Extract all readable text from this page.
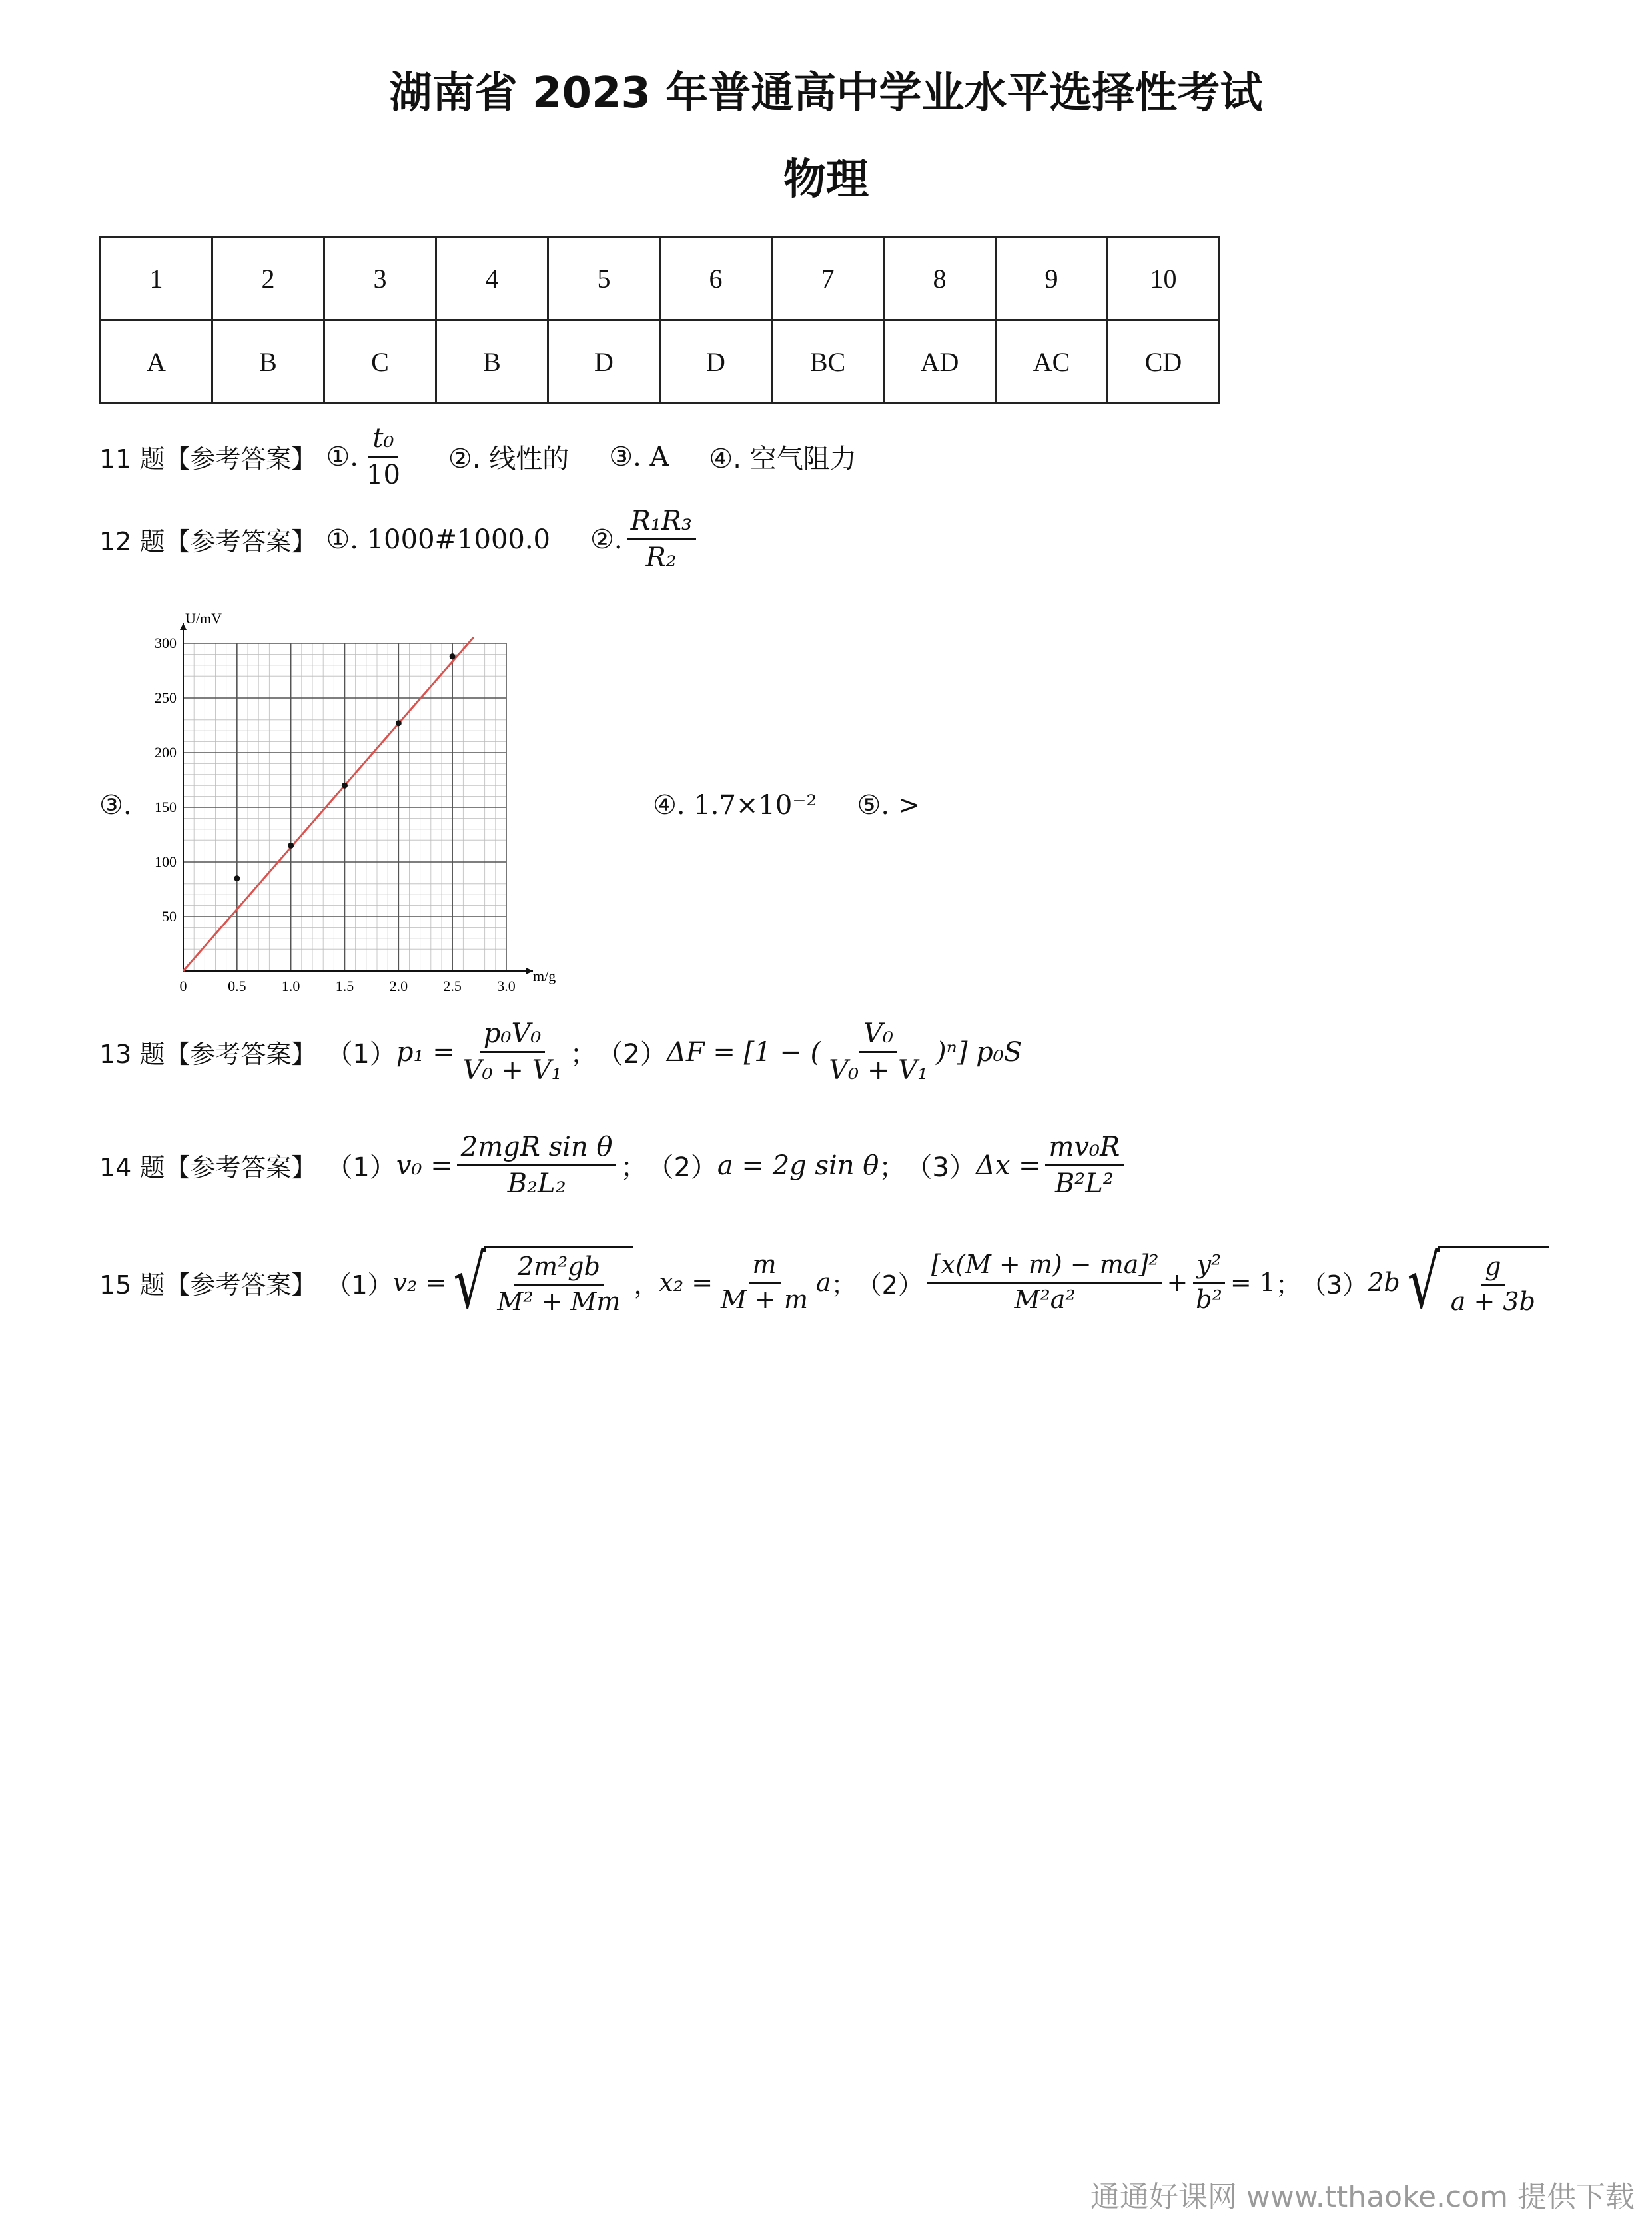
湖南省 2023 年普通高中学业水平选择性考试
物理
1	2	3	4	5	6	7	8	9	10
A	B	C	B	D	D	BC	AD	AC	CD
11 题【参考答案】 ①. $\frac{\text{t₀}}{10}$ ②. 线性的 ③. A ④. 空气阻力
12 题【参考答案】 ①. 1000#1000.0 ②. $\frac{\text{R₁R₃}}{\text{R₂}}$
③.
0	0.5 1.0 1.5 2.0 2.5 3.0
50
100
150
200
250
300
U/mV
m/g
④. 1.7×10⁻² ⑤. >
13 题【参考答案】 （1） $p_1 = \frac{\text{p₀V₀}}{\text{V₀ + V₁}}$ ； （2） ΔF = [1 − ( $\frac{\text{V₀}}{\text{V₀ + V₁}} )^n$] p₀S
14 题【参考答案】 （1） $v_0 = \frac{\text{2mgR sin θ}}{\text{B₂L₂}}$ ； （2） a = 2g sin θ ； （3） $\Delta x = \frac{\text{mv₀R}}{\text{B²L²}}$
15 题【参考答案】 （1） v₂ = √ $\frac{\text{2m²gb}}{\text{M² + Mm}}$ ， $x_2 = \frac{m}{M + m}$ a ； $(2) \frac{\text{[x(M + m) − ma]²}}{\text{M²a²}} + \frac{\text{y²}}{\text{b²}} = 1$ ； （3） 2b √ $\frac{g}{a + 3b}$
通通好课网 www.tthaoke.com 提供下载
